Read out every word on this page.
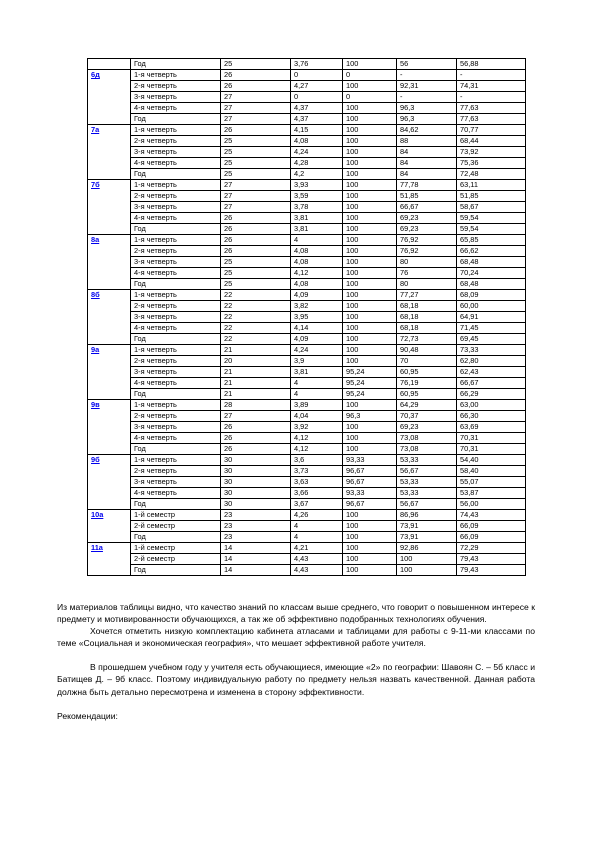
	Год	25	3,76	100	56	56,88
6д	1-я четверть	26	0	0	-	-
	2-я четверть	26	4,27	100	92,31	74,31
	3-я четверть	27	0	0	-	-
	4-я четверть	27	4,37	100	96,3	77,63
	Год	27	4,37	100	96,3	77,63
7а	1-я четверть	26	4,15	100	84,62	70,77
	2-я четверть	25	4,08	100	88	68,44
	3-я четверть	25	4,24	100	84	73,92
	4-я четверть	25	4,28	100	84	75,36
	Год	25	4,2	100	84	72,48
7б	1-я четверть	27	3,93	100	77,78	63,11
	2-я четверть	27	3,59	100	51,85	51,85
	3-я четверть	27	3,78	100	66,67	58,67
	4-я четверть	26	3,81	100	69,23	59,54
	Год	26	3,81	100	69,23	59,54
8а	1-я четверть	26	4	100	76,92	65,85
	2-я четверть	26	4,08	100	76,92	66,62
	3-я четверть	25	4,08	100	80	68,48
	4-я четверть	25	4,12	100	76	70,24
	Год	25	4,08	100	80	68,48
8б	1-я четверть	22	4,09	100	77,27	68,09
	2-я четверть	22	3,82	100	68,18	60,00
	3-я четверть	22	3,95	100	68,18	64,91
	4-я четверть	22	4,14	100	68,18	71,45
	Год	22	4,09	100	72,73	69,45
9а	1-я четверть	21	4,24	100	90,48	73,33
	2-я четверть	20	3,9	100	70	62,80
	3-я четверть	21	3,81	95,24	60,95	62,43
	4-я четверть	21	4	95,24	76,19	66,67
	Год	21	4	95,24	60,95	66,29
9в	1-я четверть	28	3,89	100	64,29	63,00
	2-я четверть	27	4,04	96,3	70,37	66,30
	3-я четверть	26	3,92	100	69,23	63,69
	4-я четверть	26	4,12	100	73,08	70,31
	Год	26	4,12	100	73,08	70,31
9б	1-я четверть	30	3,6	93,33	53,33	54,40
	2-я четверть	30	3,73	96,67	56,67	58,40
	3-я четверть	30	3,63	96,67	53,33	55,07
	4-я четверть	30	3,66	93,33	53,33	53,87
	Год	30	3,67	96,67	56,67	56,00
10а	1-й семестр	23	4,26	100	86,96	74,43
	2-й семестр	23	4	100	73,91	66,09
	Год	23	4	100	73,91	66,09
11а	1-й семестр	14	4,21	100	92,86	72,29
	2-й семестр	14	4,43	100	100	79,43
	Год	14	4,43	100	100	79,43

Из материалов таблицы видно, что качество знаний по классам выше среднего, что говорит о повышенном интересе к предмету и мотивированности обучающихся, а так же об эффективно подобранных технологиях обучения.

Хочется отметить низкую комплектацию кабинета атласами и таблицами для работы с 9-11-ми классами по теме «Социальная и экономическая география», что мешает эффективной работе учителя.

В прошедшем учебном году у учителя есть обучающиеся, имеющие «2» по географии: Шавоян С. – 5б класс и Батищев Д. – 9б класс. Поэтому индивидуальную работу по предмету нельзя назвать качественной. Данная работа должна быть детально пересмотрена и изменена в сторону эффективности.

Рекомендации:
